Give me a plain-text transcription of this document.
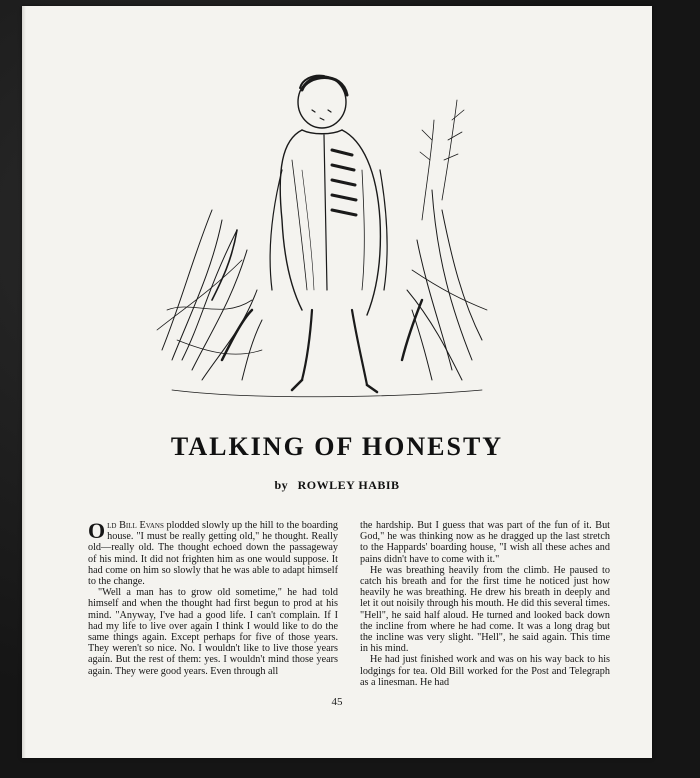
TALKING OF HONESTY
by ROWLEY HABIB

Old Bill Evans plodded slowly up the hill to the boarding house. "I must be really getting old," he thought. Really old—really old. The thought echoed down the passageway of his mind. It did not frighten him as one would suppose. It had come on him so slowly that he was able to adapt himself to the change.

"Well a man has to grow old sometime," he had told himself and when the thought had first begun to prod at his mind. "Anyway, I've had a good life. I can't complain. If I had my life to live over again I think I would like to do the same things again. Except perhaps for five of those years. They weren't so nice. No. I wouldn't like to live those years again. But the rest of them: yes. I wouldn't mind those years again. They were good years. Even through all

the hardship. But I guess that was part of the fun of it. But God," he was thinking now as he dragged up the last stretch to the Happards' boarding house, "I wish all these aches and pains didn't have to come with it."

He was breathing heavily from the climb. He paused to catch his breath and for the first time he noticed just how heavily he was breathing. He drew his breath in deeply and let it out noisily through his mouth. He did this several times. "Hell", he said half aloud. He turned and looked back down the incline from where he had come. It was a long drag but the incline was very slight. "Hell", he said again. This time in his mind.

He had just finished work and was on his way back to his lodgings for tea. Old Bill worked for the Post and Telegraph as a linesman. He had

45
